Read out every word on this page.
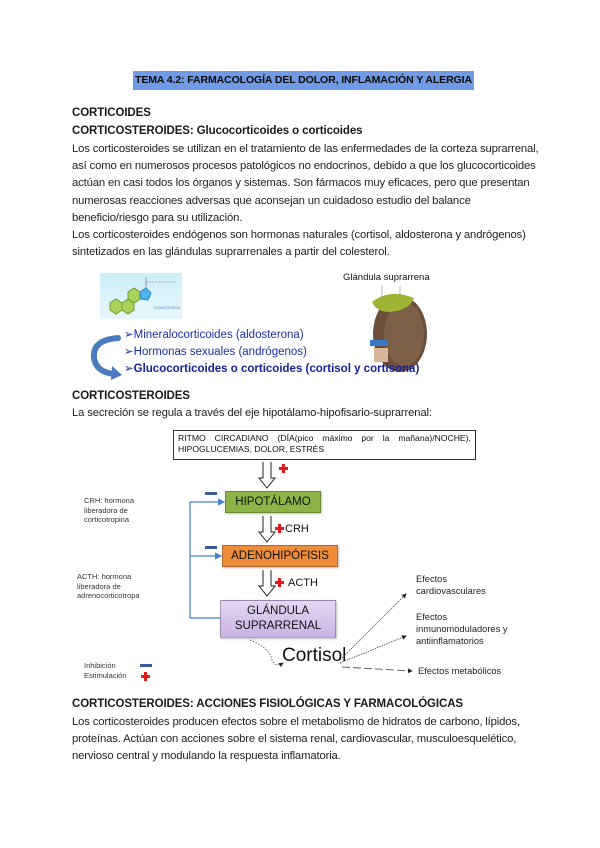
TEMA 4.2: FARMACOLOGÍA DEL DOLOR, INFLAMACIÓN Y ALERGIA
CORTICOIDES
CORTICOSTEROIDES: Glucocorticoides o corticoides
Los corticosteroides se utilizan en el tratamiento de las enfermedades de la corteza suprarrenal,
así como en numerosos procesos patológicos no endocrinos, debido a que los glucocorticoides
actúan en casi todos los órganos y sistemas. Son fármacos muy eficaces, pero que presentan
numerosas reacciones adversas que aconsejan un cuidadoso estudio del balance
beneficio/riesgo para su utilización.
Los corticosteroides endógenos son hormonas naturales (cortisol, aldosterona y andrógenos)
sintetizados en las glándulas suprarrenales a partir del colesterol.
COLESTEROL
Glándula suprarrena
➢Mineralocorticoides (aldosterona)
➢Hormonas sexuales (andrógenos)
➢Glucocorticoides o corticoides (cortisol y cortisona)
CORTICOSTEROIDES
La secreción se regula a través del eje hipotálamo-hipofisario-suprarrenal:
RITMO CIRCADIANO (DÍA(pico máximo por la mañana)/NOCHE),
HIPOGLUCEMIAS, DOLOR, ESTRÉS
HIPOTÁLAMO
ADENOHIPÓFISIS
GLÁNDULA
SUPRARRENAL
CRH
ACTH
Cortisol
CRH: hormona
liberadora de
corticotropina
ACTH: hormona
liberadora de
adrenocorticotropa
Efectos
cardiovasculares
Efectos
inmunomoduladores y
antiinflamatorios
Efectos metabólicos
Inhibición
Estimulación
CORTICOSTEROIDES: ACCIONES FISIOLÓGICAS Y FARMACOLÓGICAS
Los corticosteroides producen efectos sobre el metabolismo de hidratos de carbono, lípidos,
proteínas. Actúan con acciones sobre el sistema renal, cardiovascular, musculoesquelético,
nervioso central y modulando la respuesta inflamatoria.
